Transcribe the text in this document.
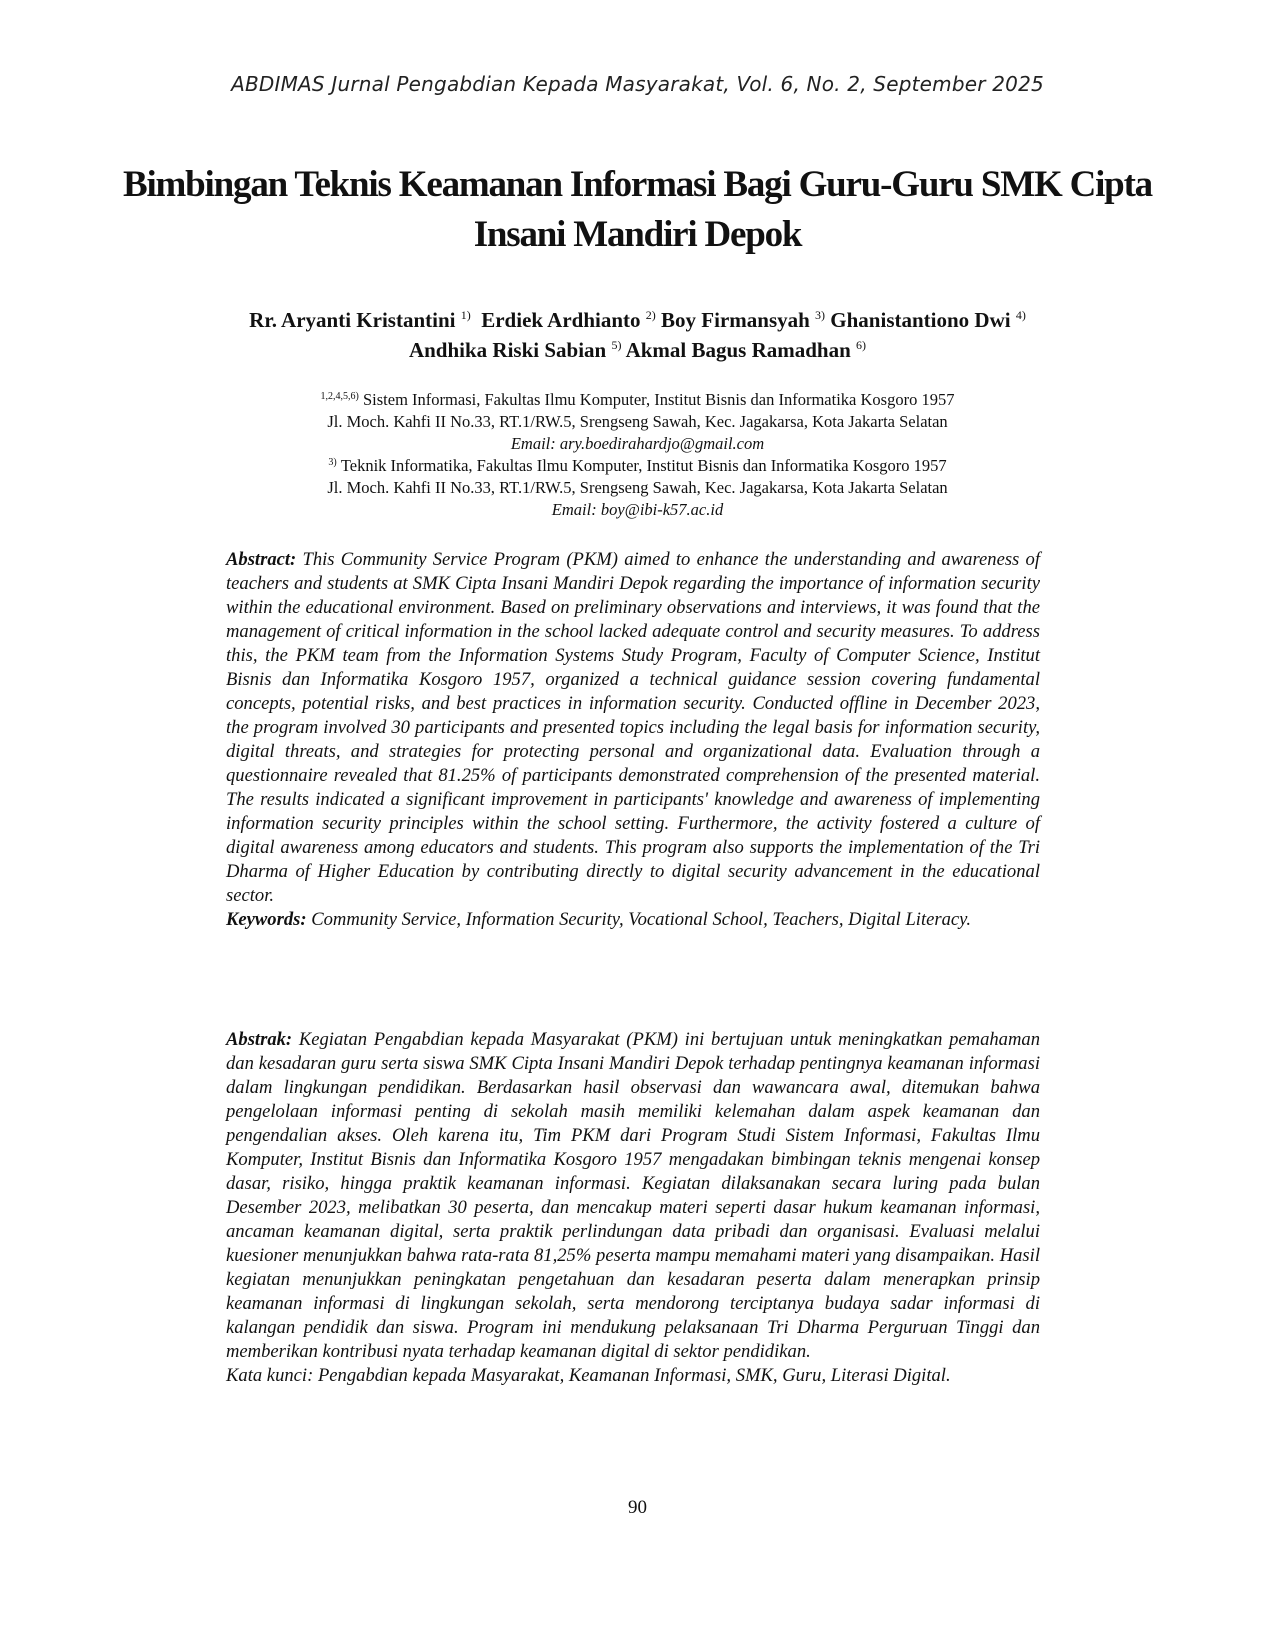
ABDIMAS Jurnal Pengabdian Kepada Masyarakat, Vol. 6, No. 2, September 2025
Bimbingan Teknis Keamanan Informasi Bagi Guru-Guru SMK Cipta
Insani Mandiri Depok
Rr. Aryanti Kristantini $^{1)}$ Erdiek Ardhianto $^{2)}$ Boy Firmansyah $^{3)}$ Ghanistantiono Dwi $^{4)}$
Andhika Riski Sabian $^{5)}$ Akmal Bagus Ramadhan $^{6)}$
$^{1,2,4,5,6)}$ Sistem Informasi, Fakultas Ilmu Komputer, Institut Bisnis dan Informatika Kosgoro 1957
Jl. Moch. Kahfi II No.33, RT.1/RW.5, Srengseng Sawah, Kec. Jagakarsa, Kota Jakarta Selatan
Email: ary.boedirahardjo@gmail.com
$^{3)}$ Teknik Informatika, Fakultas Ilmu Komputer, Institut Bisnis dan Informatika Kosgoro 1957
Jl. Moch. Kahfi II No.33, RT.1/RW.5, Srengseng Sawah, Kec. Jagakarsa, Kota Jakarta Selatan
Email: boy@ibi-k57.ac.id

Abstract: This Community Service Program (PKM) aimed to enhance the understanding and awareness of teachers and students at SMK Cipta Insani Mandiri Depok regarding the importance of information security within the educational environment. Based on preliminary observations and interviews, it was found that the management of critical information in the school lacked adequate control and security measures. To address this, the PKM team from the Information Systems Study Program, Faculty of Computer Science, Institut Bisnis dan Informatika Kosgoro 1957, organized a technical guidance session covering fundamental concepts, potential risks, and best practices in information security. Conducted offline in December 2023, the program involved 30 participants and presented topics including the legal basis for information security, digital threats, and strategies for protecting personal and organizational data. Evaluation through a questionnaire revealed that 81.25% of participants demonstrated comprehension of the presented material. The results indicated a significant improvement in participants' knowledge and awareness of implementing information security principles within the school setting. Furthermore, the activity fostered a culture of digital awareness among educators and students. This program also supports the implementation of the Tri Dharma of Higher Education by contributing directly to digital security advancement in the educational sector.

Keywords: Community Service, Information Security, Vocational School, Teachers, Digital Literacy.

Abstrak: Kegiatan Pengabdian kepada Masyarakat (PKM) ini bertujuan untuk meningkatkan pemahaman dan kesadaran guru serta siswa SMK Cipta Insani Mandiri Depok terhadap pentingnya keamanan informasi dalam lingkungan pendidikan. Berdasarkan hasil observasi dan wawancara awal, ditemukan bahwa pengelolaan informasi penting di sekolah masih memiliki kelemahan dalam aspek keamanan dan pengendalian akses. Oleh karena itu, Tim PKM dari Program Studi Sistem Informasi, Fakultas Ilmu Komputer, Institut Bisnis dan Informatika Kosgoro 1957 mengadakan bimbingan teknis mengenai konsep dasar, risiko, hingga praktik keamanan informasi. Kegiatan dilaksanakan secara luring pada bulan Desember 2023, melibatkan 30 peserta, dan mencakup materi seperti dasar hukum keamanan informasi, ancaman keamanan digital, serta praktik perlindungan data pribadi dan organisasi. Evaluasi melalui kuesioner menunjukkan bahwa rata-rata 81,25% peserta mampu memahami materi yang disampaikan. Hasil kegiatan menunjukkan peningkatan pengetahuan dan kesadaran peserta dalam menerapkan prinsip keamanan informasi di lingkungan sekolah, serta mendorong terciptanya budaya sadar informasi di kalangan pendidik dan siswa. Program ini mendukung pelaksanaan Tri Dharma Perguruan Tinggi dan memberikan kontribusi nyata terhadap keamanan digital di sektor pendidikan.

Kata kunci: Pengabdian kepada Masyarakat, Keamanan Informasi, SMK, Guru, Literasi Digital.

90
